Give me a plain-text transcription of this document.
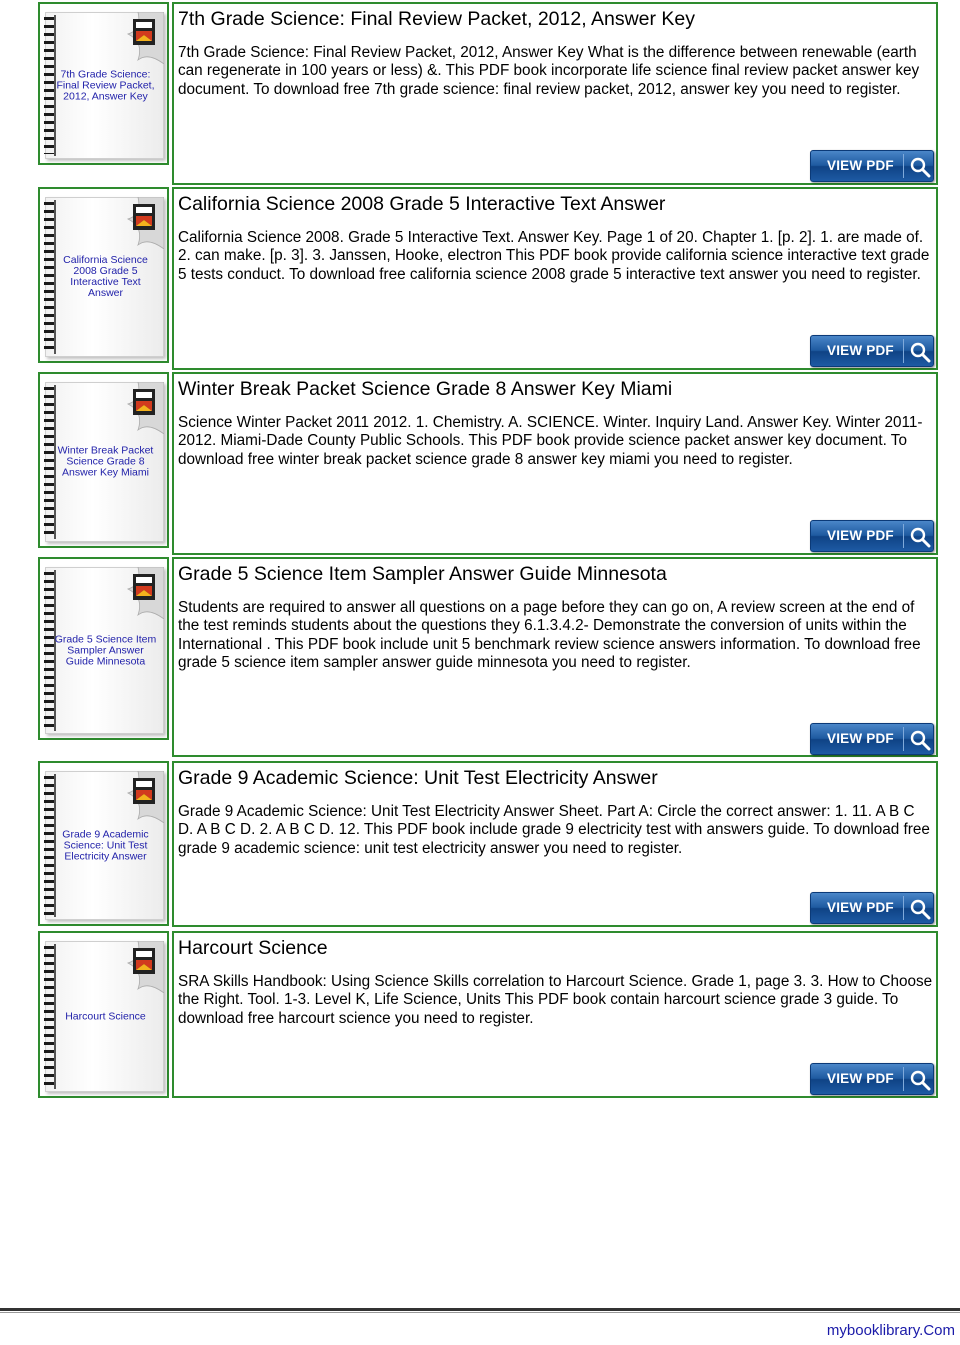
7th Grade Science: Final Review Packet, 2012, Answer Key
7th Grade Science: Final Review Packet, 2012, Answer Key
7th Grade Science: Final Review Packet, 2012, Answer Key What is the difference between renewable (earth can regenerate in 100 years or less) &. This PDF book incorporate life science final review packet answer key document. To download free 7th grade science: final review packet, 2012, answer key you need to register.
VIEW PDF
California Science 2008 Grade 5 Interactive Text Answer
California Science 2008 Grade 5 Interactive Text Answer
California Science 2008. Grade 5 Interactive Text. Answer Key. Page 1 of 20. Chapter 1. [p. 2]. 1. are made of. 2. can make. [p. 3]. 3. Janssen, Hooke, electron This PDF book provide california science interactive text grade 5 tests conduct. To download free california science 2008 grade 5 interactive text answer you need to register.
VIEW PDF
Winter Break Packet Science Grade 8 Answer Key Miami
Winter Break Packet Science Grade 8 Answer Key Miami
Science Winter Packet 2011 2012. 1. Chemistry. A. SCIENCE. Winter. Inquiry Land. Answer Key. Winter 2011-2012. Miami-Dade County Public Schools. This PDF book provide science packet answer key document. To download free winter break packet science grade 8 answer key miami you need to register.
VIEW PDF
Grade 5 Science Item Sampler Answer Guide Minnesota
Grade 5 Science Item Sampler Answer Guide Minnesota
Students are required to answer all questions on a page before they can go on, A review screen at the end of the test reminds students about the questions they 6.1.3.4.2- Demonstrate the conversion of units within the International . This PDF book include unit 5 benchmark review science answers information. To download free grade 5 science item sampler answer guide minnesota you need to register.
VIEW PDF
Grade 9 Academic Science: Unit Test Electricity Answer
Grade 9 Academic Science: Unit Test Electricity Answer
Grade 9 Academic Science: Unit Test Electricity Answer Sheet. Part A: Circle the correct answer: 1. 11. A B C D. A B C D. 2. A B C D. 12. This PDF book include grade 9 electricity test with answers guide. To download free grade 9 academic science: unit test electricity answer you need to register.
VIEW PDF
Harcourt Science
Harcourt Science
SRA Skills Handbook: Using Science Skills correlation to Harcourt Science. Grade 1, page 3. 3. How to Choose the Right. Tool. 1-3. Level K, Life Science, Units This PDF book contain harcourt science grade 3 guide. To download free harcourt science you need to register.
VIEW PDF
mybooklibrary.Com
